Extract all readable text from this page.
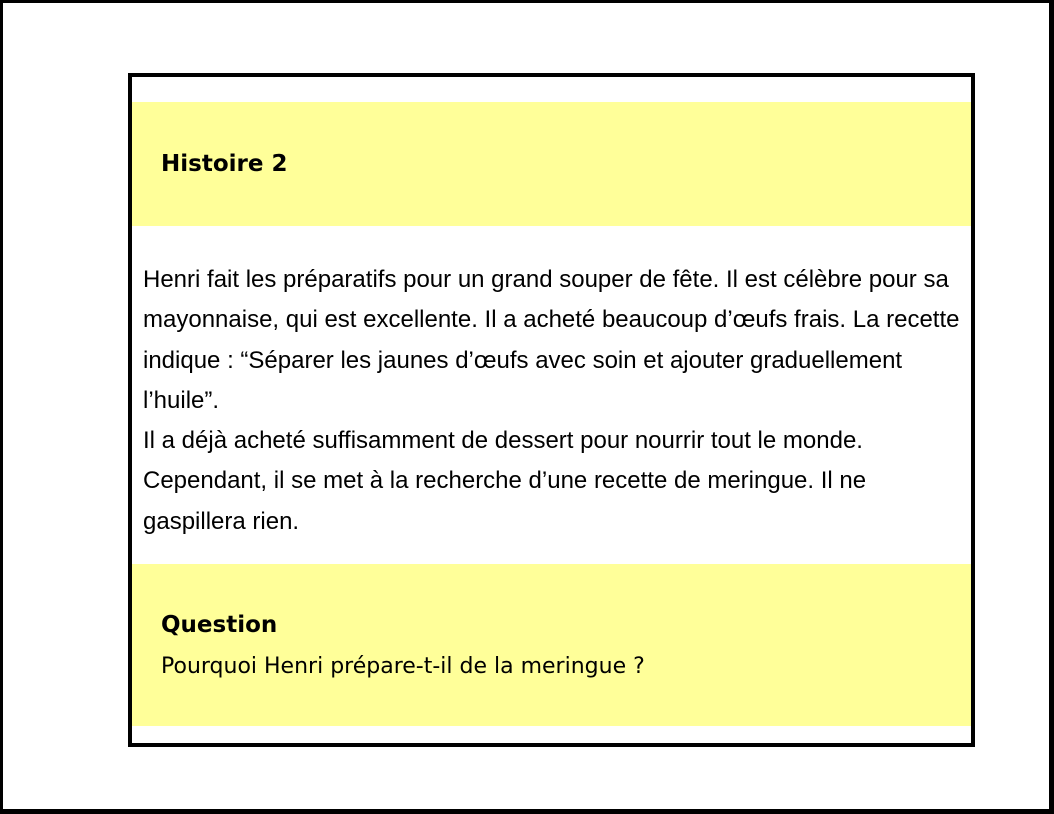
Histoire 2

Henri fait les préparatifs pour un grand souper de fête. Il est célèbre pour sa mayonnaise, qui est excellente. Il a acheté beaucoup d’œufs frais. La recette indique : “Séparer les jaunes d’œufs avec soin et ajouter graduellement l’huile”.

Il a déjà acheté suffisamment de dessert pour nourrir tout le monde. Cependant, il se met à la recherche d’une recette de meringue. Il ne gaspillera rien.

Question

Pourquoi Henri prépare-t-il de la meringue ?
